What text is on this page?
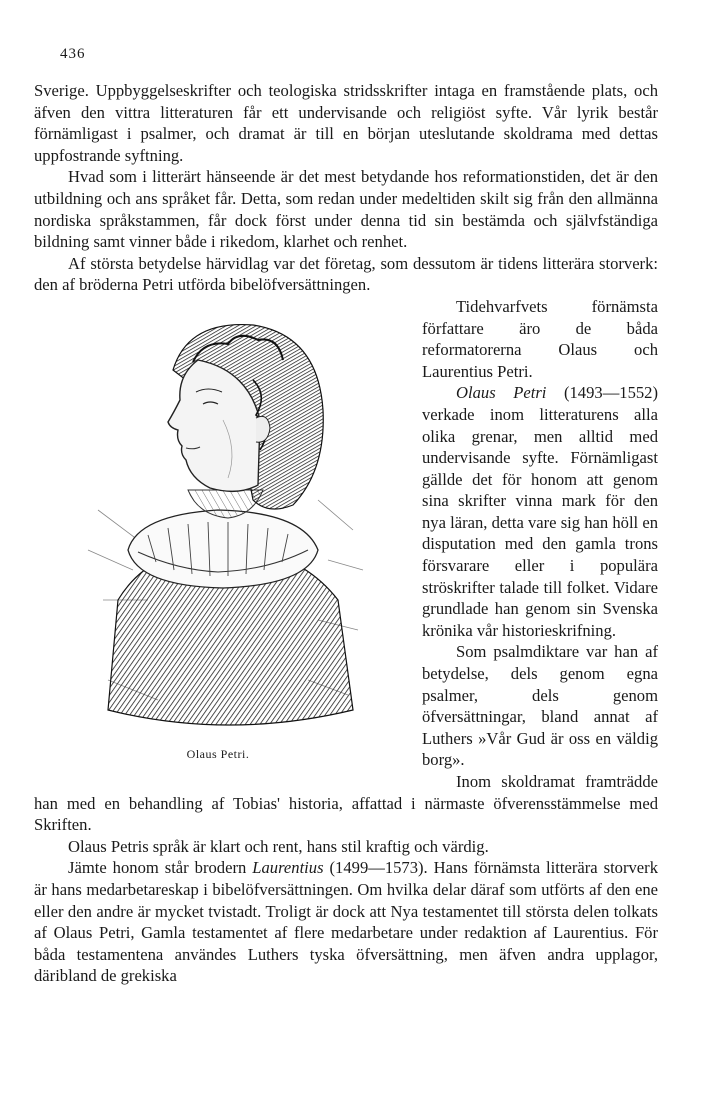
436

Sverige. Uppbyggelseskrifter och teologiska stridsskrifter intaga en framstående plats, och äfven den vittra litteraturen får ett undervisande och religiöst syfte. Vår lyrik består förnämligast i psalmer, och dramat är till en början uteslutande skoldrama med dettas uppfostrande syftning.

Hvad som i litterärt hänseende är det mest betydande hos reformationstiden, det är den utbildning och ans språket får. Detta, som redan under medeltiden skilt sig från den allmänna nordiska språkstammen, får dock först under denna tid sin bestämda och självfständiga bildning samt vinner både i rikedom, klarhet och renhet.

Af största betydelse härvidlag var det företag, som dessutom är tidens litterära storverk: den af bröderna Petri utförda bibelöfversättningen.

Olaus Petri.

Tidehvarfvets förnämsta författare äro de båda reformatorerna Olaus och Laurentius Petri.

Olaus Petri (1493—1552) verkade inom litteraturens alla olika grenar, men alltid med undervisande syfte. Förnämligast gällde det för honom att genom sina skrifter vinna mark för den nya läran, detta vare sig han höll en disputation med den gamla trons försvarare eller i populära ströskrifter talade till folket. Vidare grundlade han genom sin Svenska krönika vår historieskrifning.

Som psalmdiktare var han af betydelse, dels genom egna psalmer, dels genom öfversättningar, bland annat af Luthers »Vår Gud är oss en väldig borg».

Inom skoldramat framträdde han med en behandling af Tobias' historia, affattad i närmaste öfverensstämmelse med Skriften.

Olaus Petris språk är klart och rent, hans stil kraftig och värdig.

Jämte honom står brodern Laurentius (1499—1573). Hans förnämsta litterära storverk är hans medarbetareskap i bibelöfversättningen. Om hvilka delar däraf som utförts af den ene eller den andre är mycket tvistadt. Troligt är dock att Nya testamentet till största delen tolkats af Olaus Petri, Gamla testamentet af flere medarbetare under redaktion af Laurentius. För båda testamentena användes Luthers tyska öfversättning, men äfven andra upplagor, däribland de grekiska
